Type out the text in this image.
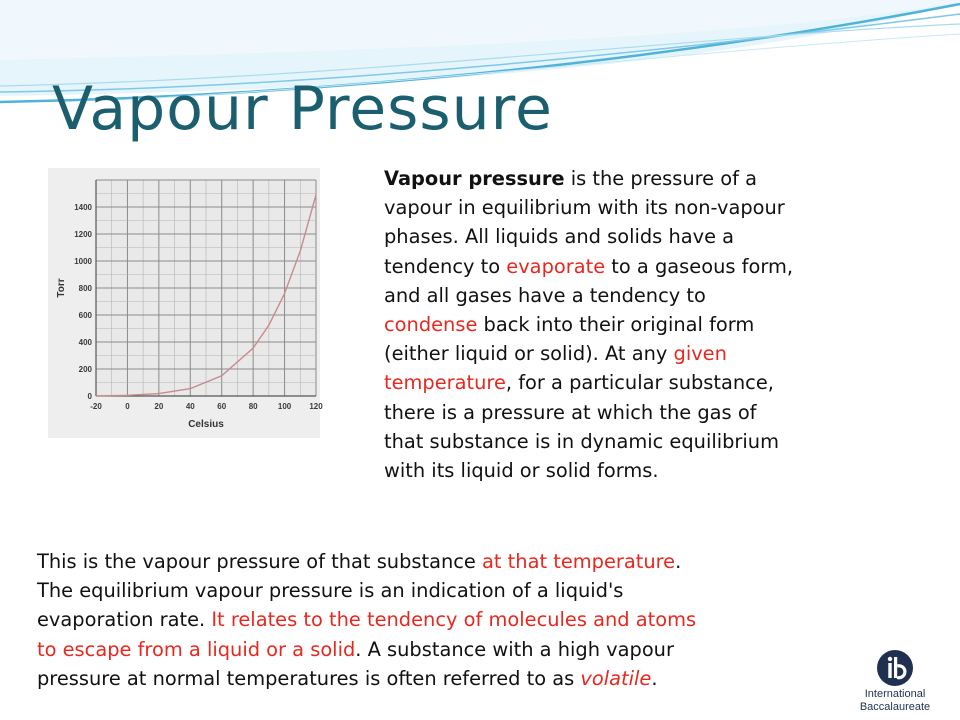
Vapour Pressure
0
200
400
600
800
1000
1200
1400
-20	0	20	40	60	80	100 120
Celsius
Torr
Vapour pressure is the pressure of a
vapour in equilibrium with its non-vapour
phases. All liquids and solids have a
tendency to evaporate to a gaseous form,
and all gases have a tendency to
condense back into their original form
(either liquid or solid). At any given
temperature, for a particular substance,
there is a pressure at which the gas of
that substance is in dynamic equilibrium
with its liquid or solid forms.
This is the vapour pressure of that substance at that temperature.
The equilibrium vapour pressure is an indication of a liquid's
evaporation rate. It relates to the tendency of molecules and atoms
to escape from a liquid or a solid. A substance with a high vapour
pressure at normal temperatures is often referred to as volatile.
International
Baccalaureate
